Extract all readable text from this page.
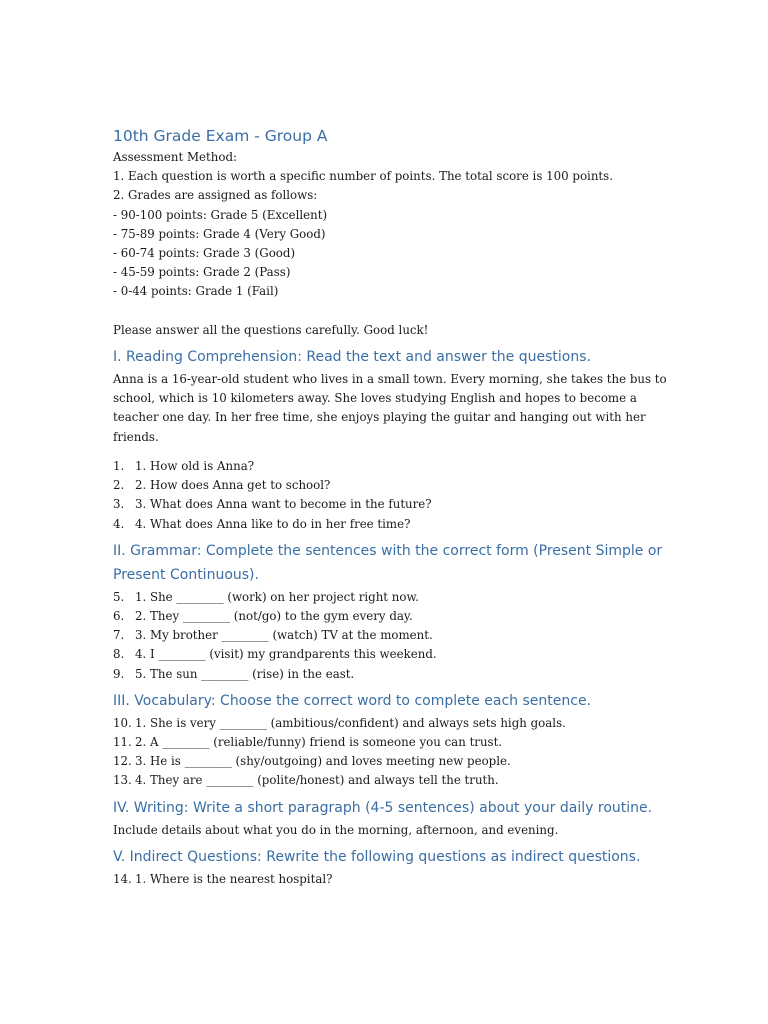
10th Grade Exam - Group A

Assessment Method:

1. Each question is worth a specific number of points. The total score is 100 points.

2. Grades are assigned as follows:

- 90-100 points: Grade 5 (Excellent)

- 75-89 points: Grade 4 (Very Good)

- 60-74 points: Grade 3 (Good)

- 45-59 points: Grade 2 (Pass)

- 0-44 points: Grade 1 (Fail)

Please answer all the questions carefully. Good luck!

I. Reading Comprehension: Read the text and answer the questions.

Anna is a 16-year-old student who lives in a small town. Every morning, she takes the bus to school, which is 10 kilometers away. She loves studying English and hopes to become a teacher one day. In her free time, she enjoys playing the guitar and hanging out with her friends.

1. 1. How old is Anna?
2. 2. How does Anna get to school?
3. 3. What does Anna want to become in the future?
4. 4. What does Anna like to do in her free time?
II. Grammar: Complete the sentences with the correct form (Present Simple or Present Continuous).
5. 1. She ________ (work) on her project right now.
6. 2. They ________ (not/go) to the gym every day.
7. 3. My brother ________ (watch) TV at the moment.
8. 4. I ________ (visit) my grandparents this weekend.
9. 5. The sun ________ (rise) in the east.
III. Vocabulary: Choose the correct word to complete each sentence.
10. 1. She is very ________ (ambitious/confident) and always sets high goals.
11. 2. A ________ (reliable/funny) friend is someone you can trust.
12. 3. He is ________ (shy/outgoing) and loves meeting new people.
13. 4. They are ________ (polite/honest) and always tell the truth.
IV. Writing: Write a short paragraph (4-5 sentences) about your daily routine.

Include details about what you do in the morning, afternoon, and evening.

V. Indirect Questions: Rewrite the following questions as indirect questions.
14. 1. Where is the nearest hospital?
